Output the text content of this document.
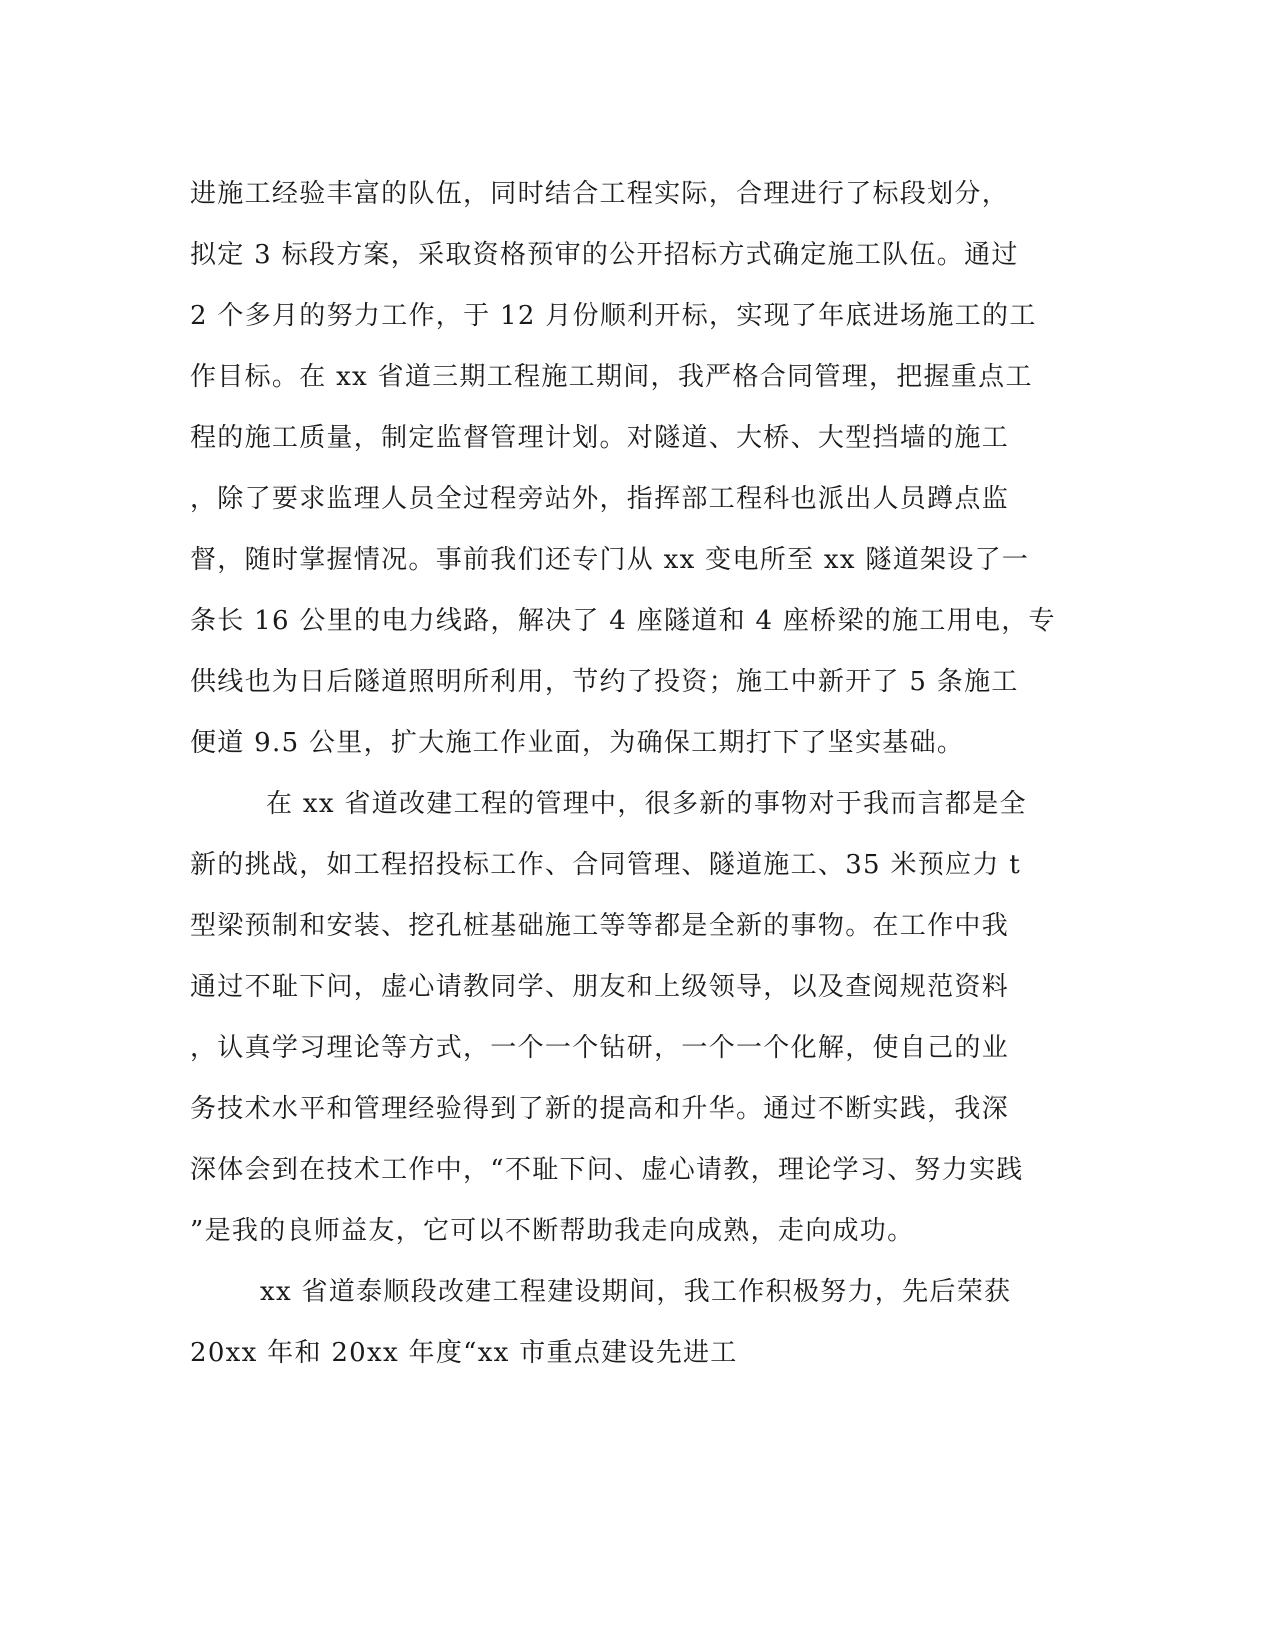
进施工经验丰富的队伍，同时结合工程实际，合理进行了标段划分，
拟定 3 标段方案，采取资格预审的公开招标方式确定施工队伍。通过
2 个多月的努力工作，于 12 月份顺利开标，实现了年底进场施工的工
作目标。在 xx 省道三期工程施工期间，我严格合同管理，把握重点工
程的施工质量，制定监督管理计划。对隧道、大桥、大型挡墙的施工
，除了要求监理人员全过程旁站外，指挥部工程科也派出人员蹲点监
督，随时掌握情况。事前我们还专门从 xx 变电所至 xx 隧道架设了一
条长 16 公里的电力线路，解决了 4 座隧道和 4 座桥梁的施工用电，专
供线也为日后隧道照明所利用，节约了投资；施工中新开了 5 条施工
便道 9.5 公里，扩大施工作业面，为确保工期打下了坚实基础。
在 xx 省道改建工程的管理中，很多新的事物对于我而言都是全
新的挑战，如工程招投标工作、合同管理、隧道施工、35 米预应力 t
型梁预制和安装、挖孔桩基础施工等等都是全新的事物。在工作中我
通过不耻下问，虚心请教同学、朋友和上级领导，以及查阅规范资料
，认真学习理论等方式，一个一个钻研，一个一个化解，使自己的业
务技术水平和管理经验得到了新的提高和升华。通过不断实践，我深
深体会到在技术工作中，“不耻下问、虚心请教，理论学习、努力实践
”是我的良师益友，它可以不断帮助我走向成熟，走向成功。
xx 省道泰顺段改建工程建设期间，我工作积极努力，先后荣获
20xx 年和 20xx 年度“xx 市重点建设先进工
